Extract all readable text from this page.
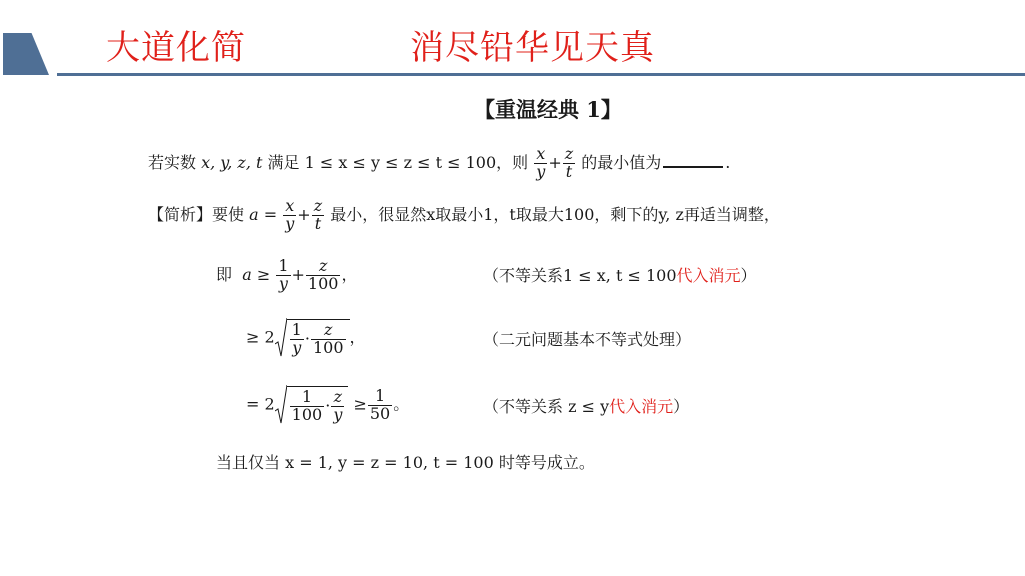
大道化简	消尽铅华见天真
【重温经典 1】
若实数 x, y, z, t 满足 1 ≤ x ≤ y ≤ z ≤ t ≤ 100，则 $\frac{x}{y} + \frac{z}{t}$ 的最小值为	.
【简析】要使 $a = \frac{x}{y} + \frac{z}{t}$ 最小，很显然x取最小1，t取最大100，剩下的y, z再适当调整，
即 $a \ge \frac{1}{y} + \frac{z}{100}$ ，	（不等关系1 ≤ x, t ≤ 100代入消元）
≥ $2 \frac{1}{y} \cdot \frac{z}{100}$ ，	（二元问题基本不等式处理）
= $2 \frac{1}{100} \cdot \frac{z}{y} \ge \frac{1}{50}$ 。	（不等关系 z ≤ y代入消元）
当且仅当 x = 1, y = z = 10, t = 100 时等号成立。
